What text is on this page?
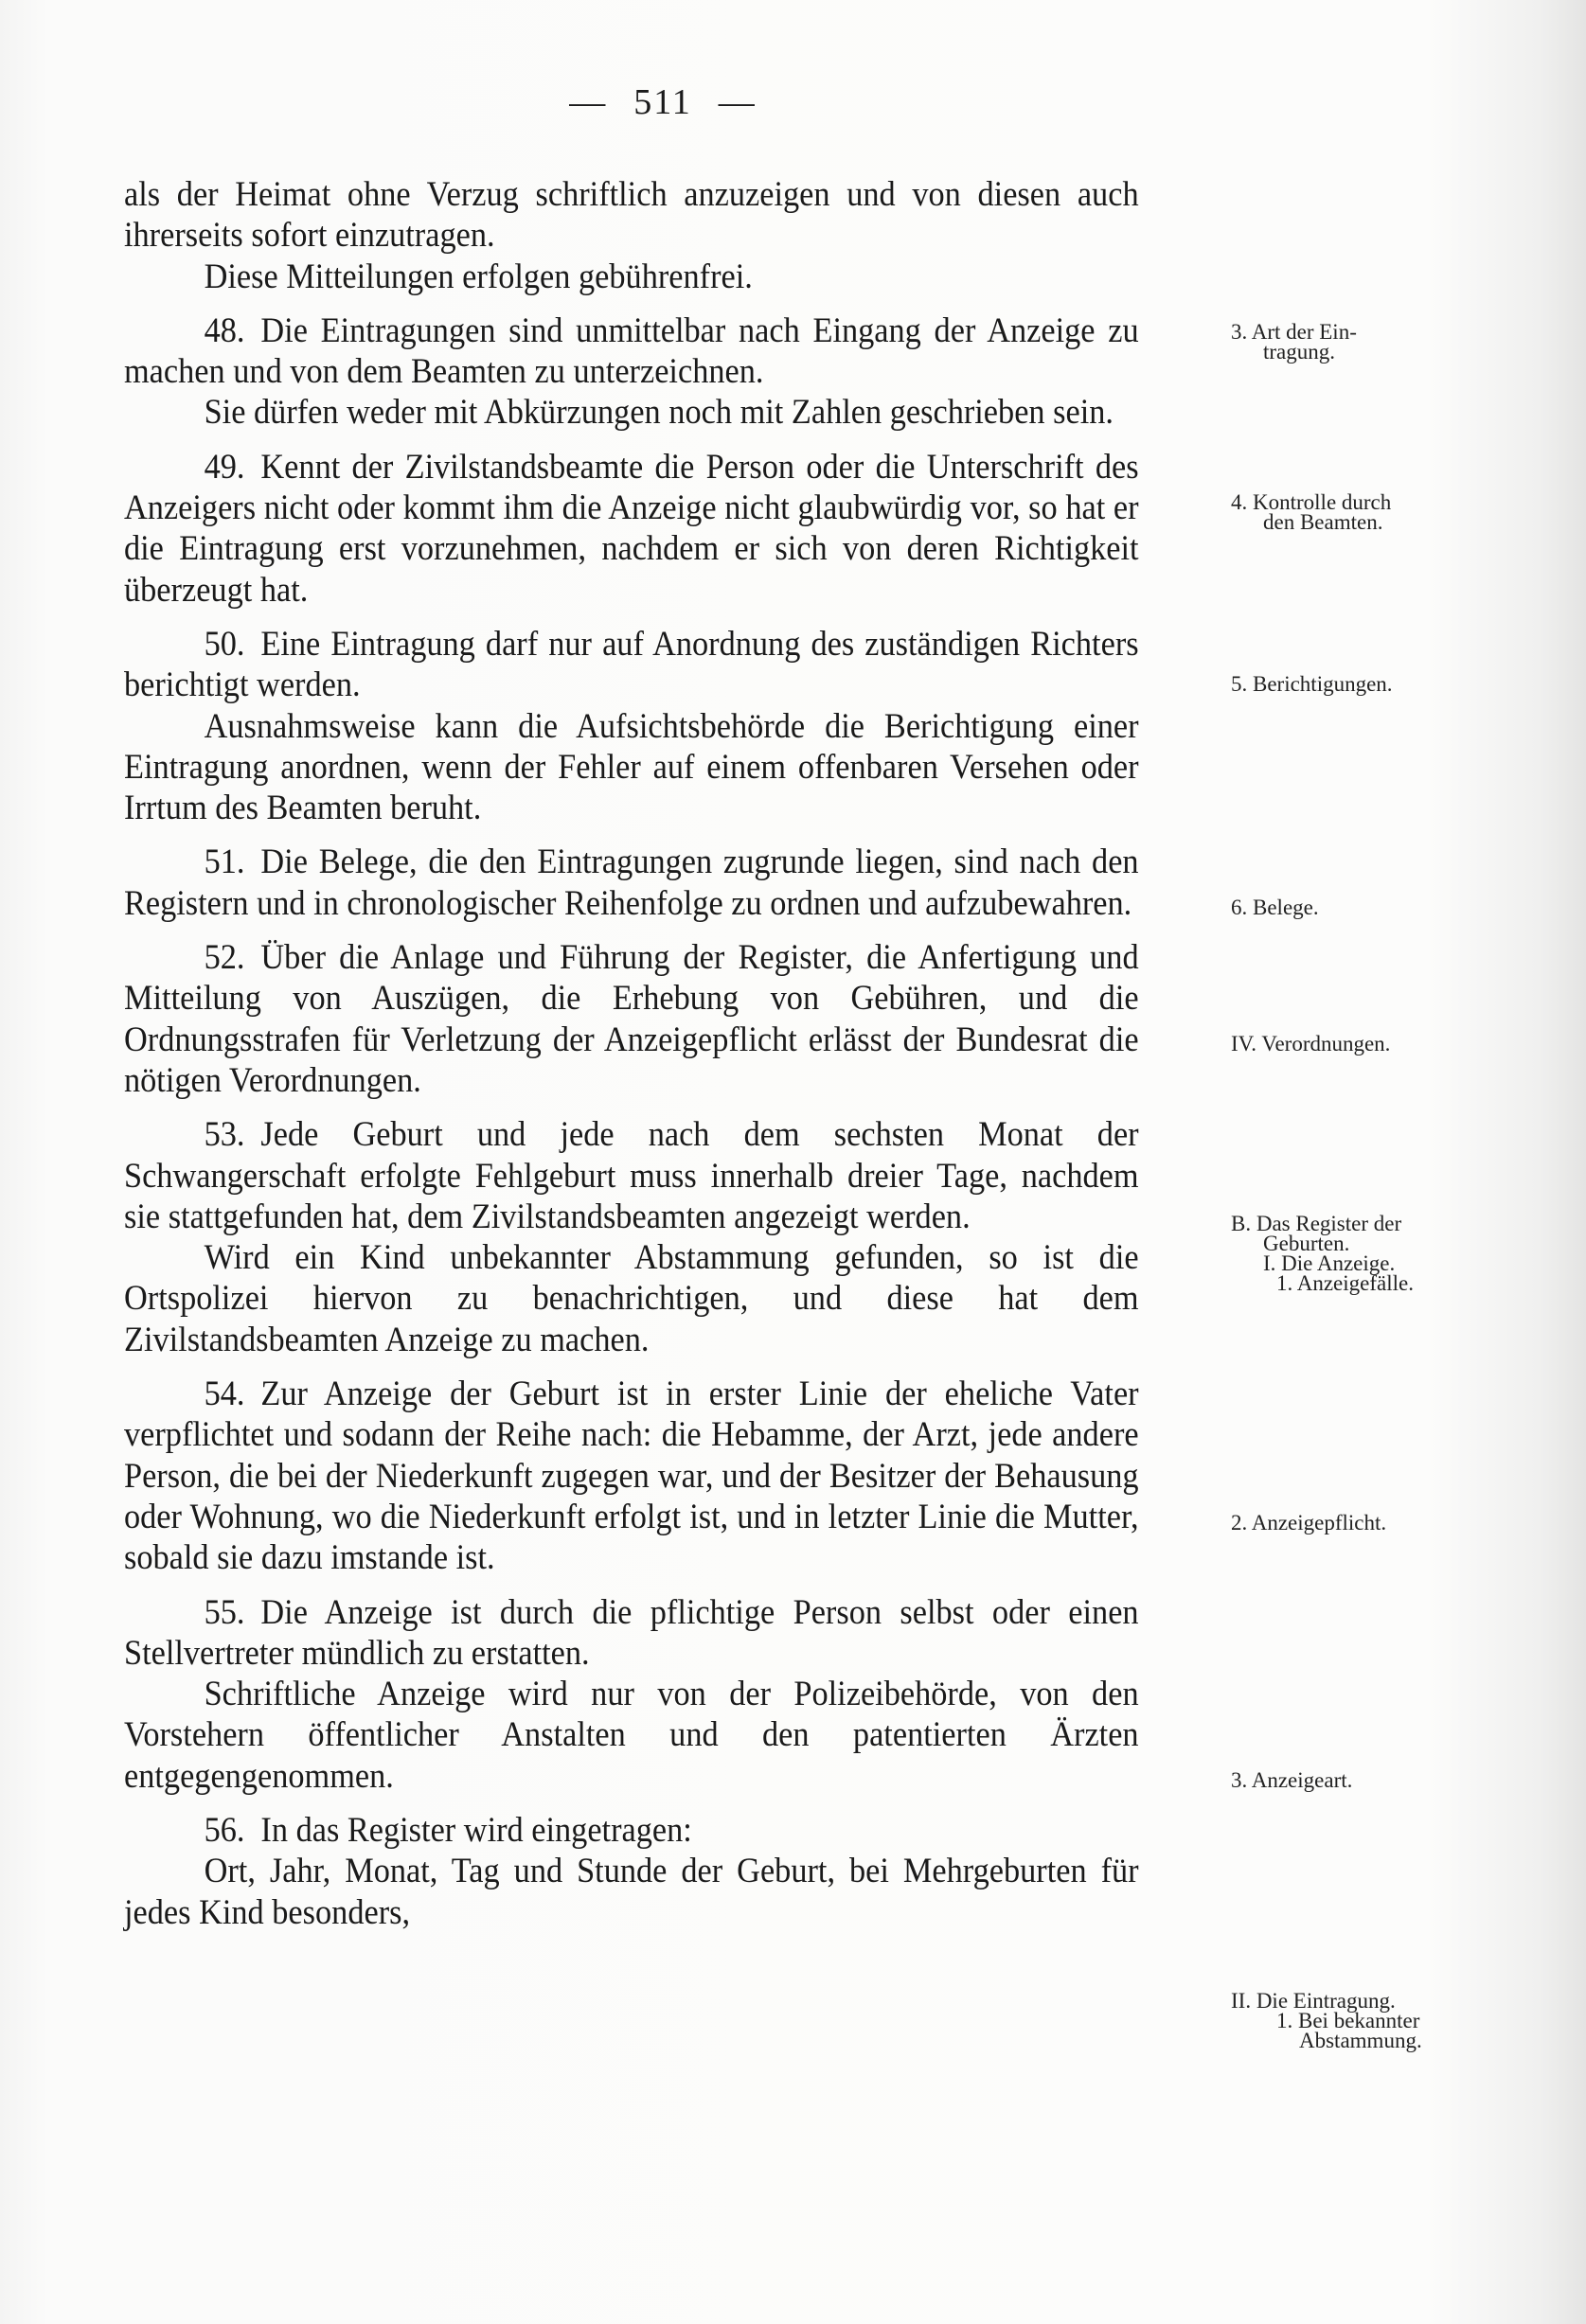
— 511 —

als der Heimat ohne Verzug schriftlich anzuzeigen und von diesen auch ihrerseits sofort einzutragen.

Diese Mitteilungen erfolgen gebührenfrei.

48. Die Eintragungen sind unmittelbar nach Eingang der Anzeige zu machen und von dem Beamten zu unterzeichnen.

Sie dürfen weder mit Abkürzungen noch mit Zahlen geschrieben sein.

49. Kennt der Zivilstandsbeamte die Person oder die Unterschrift des Anzeigers nicht oder kommt ihm die Anzeige nicht glaubwürdig vor, so hat er die Eintragung erst vorzunehmen, nachdem er sich von deren Richtigkeit überzeugt hat.

50. Eine Eintragung darf nur auf Anordnung des zuständigen Richters berichtigt werden.

Ausnahmsweise kann die Aufsichtsbehörde die Berichtigung einer Eintragung anordnen, wenn der Fehler auf einem offenbaren Versehen oder Irrtum des Beamten beruht.

51. Die Belege, die den Eintragungen zugrunde liegen, sind nach den Registern und in chronologischer Reihenfolge zu ordnen und aufzubewahren.

52. Über die Anlage und Führung der Register, die Anfertigung und Mitteilung von Auszügen, die Erhebung von Gebühren, und die Ordnungsstrafen für Verletzung der Anzeigepflicht erlässt der Bundesrat die nötigen Verordnungen.

53. Jede Geburt und jede nach dem sechsten Monat der Schwangerschaft erfolgte Fehlgeburt muss innerhalb dreier Tage, nachdem sie stattgefunden hat, dem Zivilstandsbeamten angezeigt werden.

Wird ein Kind unbekannter Abstammung gefunden, so ist die Ortspolizei hiervon zu benachrichtigen, und diese hat dem Zivilstandsbeamten Anzeige zu machen.

54. Zur Anzeige der Geburt ist in erster Linie der eheliche Vater verpflichtet und sodann der Reihe nach: die Hebamme, der Arzt, jede andere Person, die bei der Niederkunft zugegen war, und der Besitzer der Behausung oder Wohnung, wo die Niederkunft erfolgt ist, und in letzter Linie die Mutter, sobald sie dazu imstande ist.

55. Die Anzeige ist durch die pflichtige Person selbst oder einen Stellvertreter mündlich zu erstatten.

Schriftliche Anzeige wird nur von der Polizeibehörde, von den Vorstehern öffentlicher Anstalten und den patentierten Ärzten entgegengenommen.

56. In das Register wird eingetragen:

Ort, Jahr, Monat, Tag und Stunde der Geburt, bei Mehrgeburten für jedes Kind besonders,

3. Art der Ein-
tragung.
4. Kontrolle durch
den Beamten.
5. Berichtigungen.
6. Belege.
IV. Verordnungen.
B. Das Register der
Geburten.
I. Die Anzeige.
1. Anzeigefälle.
2. Anzeigepflicht.
3. Anzeigeart.
II. Die Eintragung.
1. Bei bekannter
Abstammung.
